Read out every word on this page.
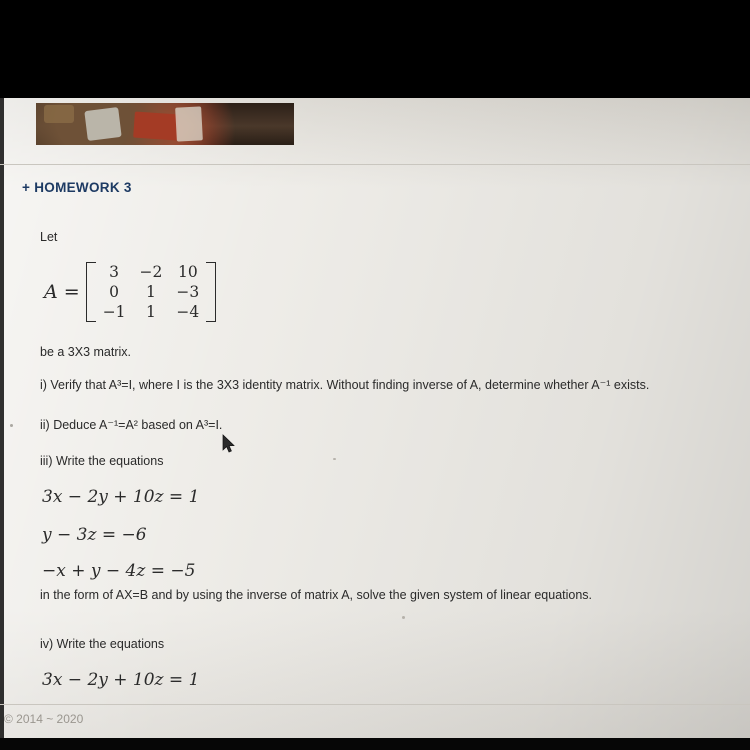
+ HOMEWORK 3
Let
A =
3	−2	10
0	1	−3
−1	1	−4
be a 3X3 matrix.
i) Verify that A³=I, where I is the 3X3 identity matrix. Without finding inverse of A, determine whether A⁻¹ exists.
ii) Deduce A⁻¹=A² based on A³=I.
iii) Write the equations
3x − 2y + 10z = 1
y − 3z = −6
−x + y − 4z = −5
in the form of AX=B and by using the inverse of matrix A, solve the given system of linear equations.
iv) Write the equations
3x − 2y + 10z = 1
© 2014 ~ 2020
